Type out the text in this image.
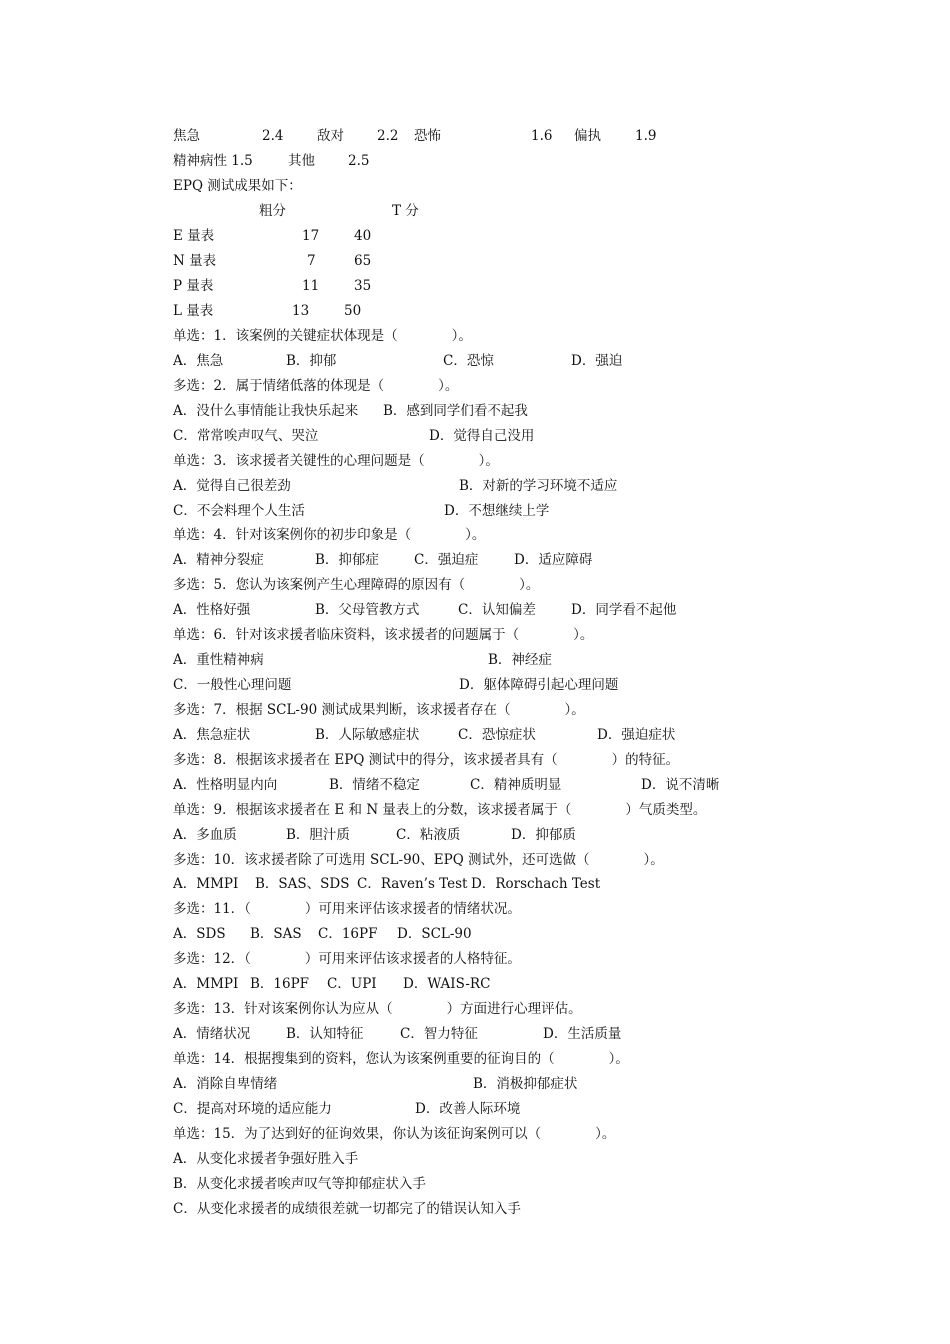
焦急	2.4 敌对 2.2 恐怖	1.6 偏执	1.9
精神病性 1.5	其他 2.5
EPQ 测试成果如下：
粗分	T 分
E 量表	17	40
N 量表	7	65
P 量表	11	35
L 量表	13	50
单选：1．该案例的关键症状体现是（　　　　）。
A．焦急	B．抑郁	C．恐惊	D．强迫
多选：2．属于情绪低落的体现是（　　　　）。
A．没什么事情能让我快乐起来 B．感到同学们看不起我
C．常常唉声叹气、哭泣	D．觉得自己没用
单选：3．该求援者关键性的心理问题是（　　　　）。
A．觉得自己很差劲	B．对新的学习环境不适应
C．不会料理个人生活	D．不想继续上学
单选：4．针对该案例你的初步印象是（　　　　）。
A．精神分裂症	B．抑郁症	C．强迫症	D．适应障碍
多选：5．您认为该案例产生心理障碍的原因有（　　　　）。
A．性格好强	B．父母管教方式	C．认知偏差	D．同学看不起他
单选：6．针对该求援者临床资料，该求援者的问题属于（　　　　）。
A．重性精神病	B．神经症
C．一般性心理问题	D．躯体障碍引起心理问题
多选：7．根据 SCL-90 测试成果判断，该求援者存在（　　　　）。
A．焦急症状	B．人际敏感症状	C．恐惊症状	D．强迫症状
多选：8．根据该求援者在 EPQ 测试中的得分，该求援者具有（　　　　）的特征。
A．性格明显内向	B．情绪不稳定	C．精神质明显	D．说不清晰
单选：9．根据该求援者在 E 和 N 量表上的分数，该求援者属于（　　　　）气质类型。
A．多血质	B．胆汁质	C．粘液质	D．抑郁质
多选：10．该求援者除了可选用 SCL-90、EPQ 测试外，还可选做（　　　　）。
A．MMPI B．SAS、SDS C．Raven’s Test D．Rorschach Test
多选：11．（　　　　）可用来评估该求援者的情绪状况。
A．SDS B．SAS C．16PF D．SCL-90
多选：12．（　　　　）可用来评估该求援者的人格特征。
A．MMPI B．16PF C．UPI D．WAIS-RC
多选：13．针对该案例你认为应从（　　　　）方面进行心理评估。
A．情绪状况	B．认知特征	C．智力特征	D．生活质量
单选：14．根据搜集到的资料，您认为该案例重要的征询目的（　　　　）。
A．消除自卑情绪	B．消极抑郁症状
C．提高对环境的适应能力	D．改善人际环境
单选：15．为了达到好的征询效果，你认为该征询案例可以（　　　　）。
A．从变化求援者争强好胜入手
B．从变化求援者唉声叹气等抑郁症状入手
C．从变化求援者的成绩很差就一切都完了的错误认知入手
